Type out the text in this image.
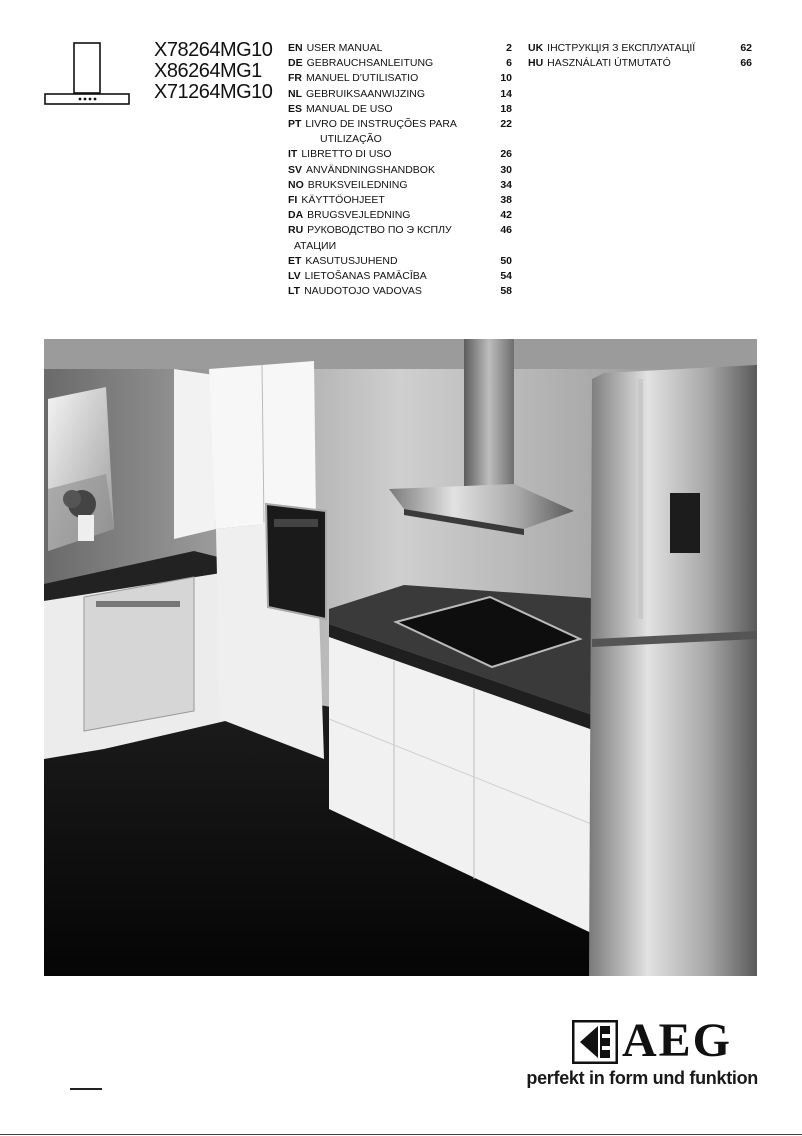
X78264MG10
X86264MG1
X71264MG10
EN USER MANUAL	2
DE GEBRAUCHSANLEITUNG	6
FR MANUEL D'UTILISATIO	10
NL GEBRUIKSAANWIJZING	14
ES MANUAL DE USO	18
PT LIVRO DE INSTRUÇÕES PARA	22
UTILIZAÇÃO
IT LIBRETTO DI USO	26
SV ANVÄNDNINGSHANDBOK	30
NO BRUKSVEILEDNING	34
FI KÄYTTÖOHJEET	38
DA BRUGSVEJLEDNING	42
RU РУКОВОДСТВО ПО Э КСПЛУ	46
АТАЦИИ
ET KASUTUSJUHEND	50
LV LIETOŠANAS PAMĀCĪBA	54
LT NAUDOTOJO VADOVAS	58
UK ІНСТРУКЦІЯ З ЕКСПЛУАТАЦІЇ	62
HU HASZNÁLATI ÚTMUTATÓ	66
AEG
perfekt in form und funktion
